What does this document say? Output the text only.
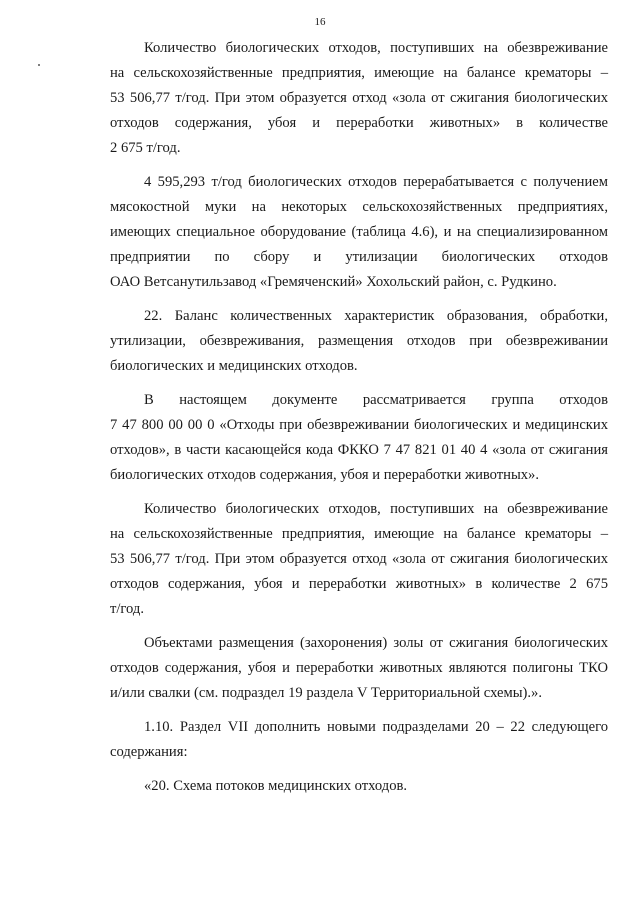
16

Количество биологических отходов, поступивших на обезвреживание
на сельскохозяйственные предприятия, имеющие на балансе крематоры –
53 506,77 т/год. При этом образуется отход «зола от сжигания биологических
отходов содержания, убоя и переработки животных» в количестве
2 675 т/год.

4 595,293 т/год биологических отходов перерабатывается с получением
мясокостной муки на некоторых сельскохозяйственных предприятиях,
имеющих специальное оборудование (таблица 4.6), и на специализированном
предприятии по сбору и утилизации биологических отходов
ОАО Ветсанутильзавод «Гремяченский» Хохольский район, с. Рудкино.

22. Баланс количественных характеристик образования, обработки,
утилизации, обезвреживания, размещения отходов при обезвреживании
биологических и медицинских отходов.

В настоящем документе рассматривается группа отходов
7 47 800 00 00 0 «Отходы при обезвреживании биологических и медицинских
отходов», в части касающейся кода ФККО 7 47 821 01 40 4 «зола от сжигания
биологических отходов содержания, убоя и переработки животных».

Количество биологических отходов, поступивших на обезвреживание
на сельскохозяйственные предприятия, имеющие на балансе крематоры –
53 506,77 т/год. При этом образуется отход «зола от сжигания биологических
отходов содержания, убоя и переработки животных» в количестве 2 675
т/год.

Объектами размещения (захоронения) золы от сжигания биологических
отходов содержания, убоя и переработки животных являются полигоны ТКО
и/или свалки (см. подраздел 19 раздела V Территориальной схемы).».

1.10. Раздел VII дополнить новыми подразделами 20 – 22 следующего
содержания:

«20. Схема потоков медицинских отходов.
